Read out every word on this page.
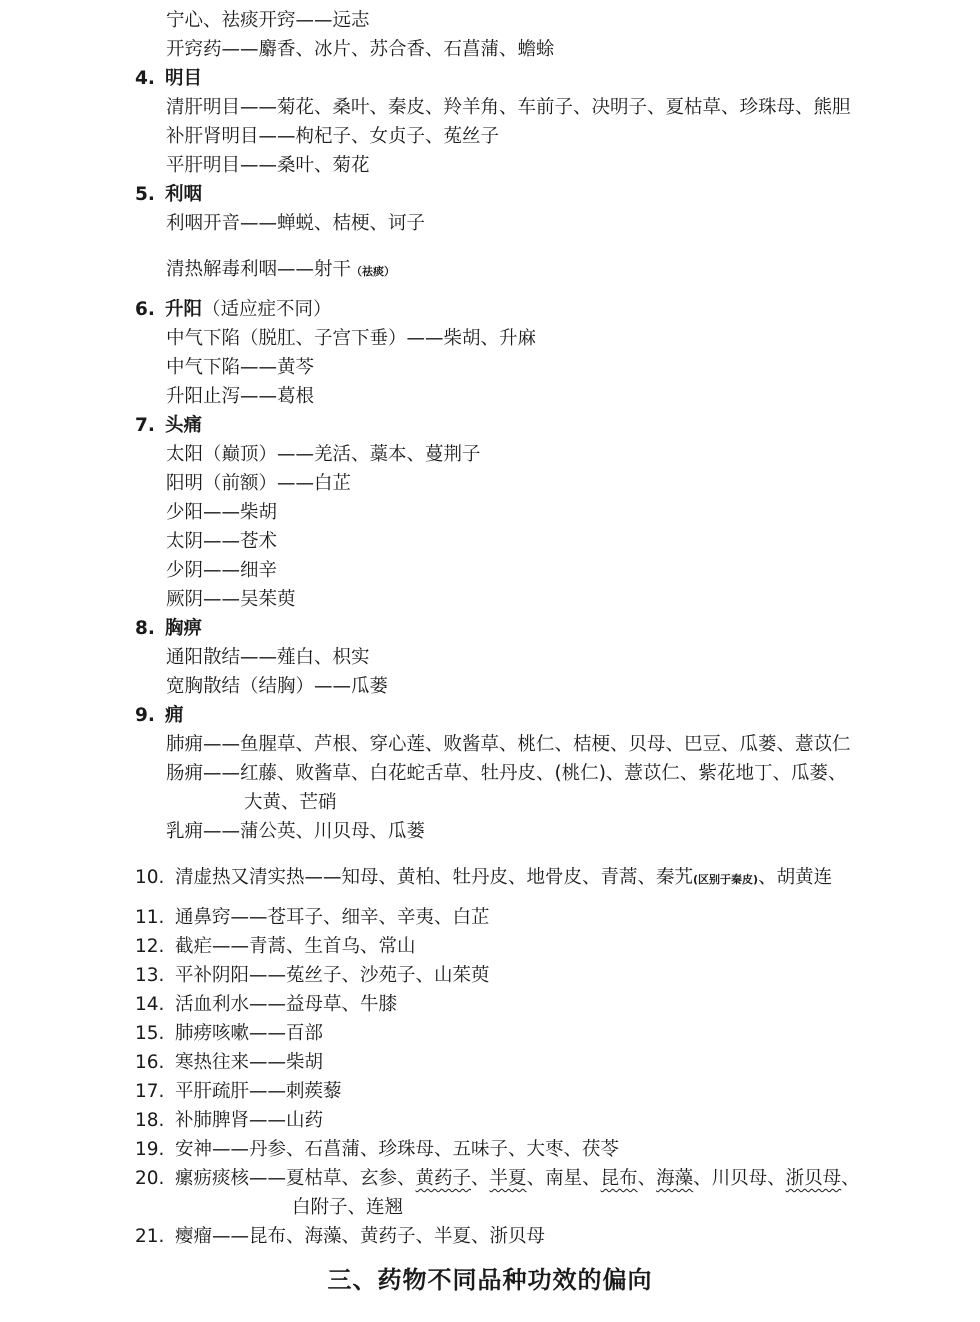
宁心、祛痰开窍——远志
开窍药——麝香、冰片、苏合香、石菖蒲、蟾蜍
4. 明目
清肝明目——菊花、桑叶、秦皮、羚羊角、车前子、决明子、夏枯草、珍珠母、熊胆
补肝肾明目——枸杞子、女贞子、菟丝子
平肝明目——桑叶、菊花
5. 利咽
利咽开音——蝉蜕、桔梗、诃子
清热解毒利咽——射干（祛痰）
6. 升阳（适应症不同）
中气下陷（脱肛、子宫下垂）——柴胡、升麻
中气下陷——黄芩
升阳止泻——葛根
7. 头痛
太阳（巅顶）——羌活、藁本、蔓荆子
阳明（前额）——白芷
少阳——柴胡
太阴——苍术
少阴——细辛
厥阴——吴茱萸
8. 胸痹
通阳散结——薤白、枳实
宽胸散结（结胸）——瓜蒌
9. 痈
肺痈——鱼腥草、芦根、穿心莲、败酱草、桃仁、桔梗、贝母、巴豆、瓜蒌、薏苡仁
肠痈——红藤、败酱草、白花蛇舌草、牡丹皮、(桃仁)、薏苡仁、紫花地丁、瓜蒌、
大黄、芒硝
乳痈——蒲公英、川贝母、瓜蒌
10. 清虚热又清实热——知母、黄柏、牡丹皮、地骨皮、青蒿、秦艽(区别于秦皮)、胡黄连
11. 通鼻窍——苍耳子、细辛、辛夷、白芷
12. 截疟——青蒿、生首乌、常山
13. 平补阴阳——菟丝子、沙苑子、山茱萸
14. 活血利水——益母草、牛膝
15. 肺痨咳嗽——百部
16. 寒热往来——柴胡
17. 平肝疏肝——刺蒺藜
18. 补肺脾肾——山药
19. 安神——丹参、石菖蒲、珍珠母、五味子、大枣、茯苓
20. 瘰疬痰核——夏枯草、玄参、黄药子、半夏、南星、昆布、海藻、川贝母、浙贝母、
白附子、连翘
21. 瘿瘤——昆布、海藻、黄药子、半夏、浙贝母
三、药物不同品种功效的偏向
